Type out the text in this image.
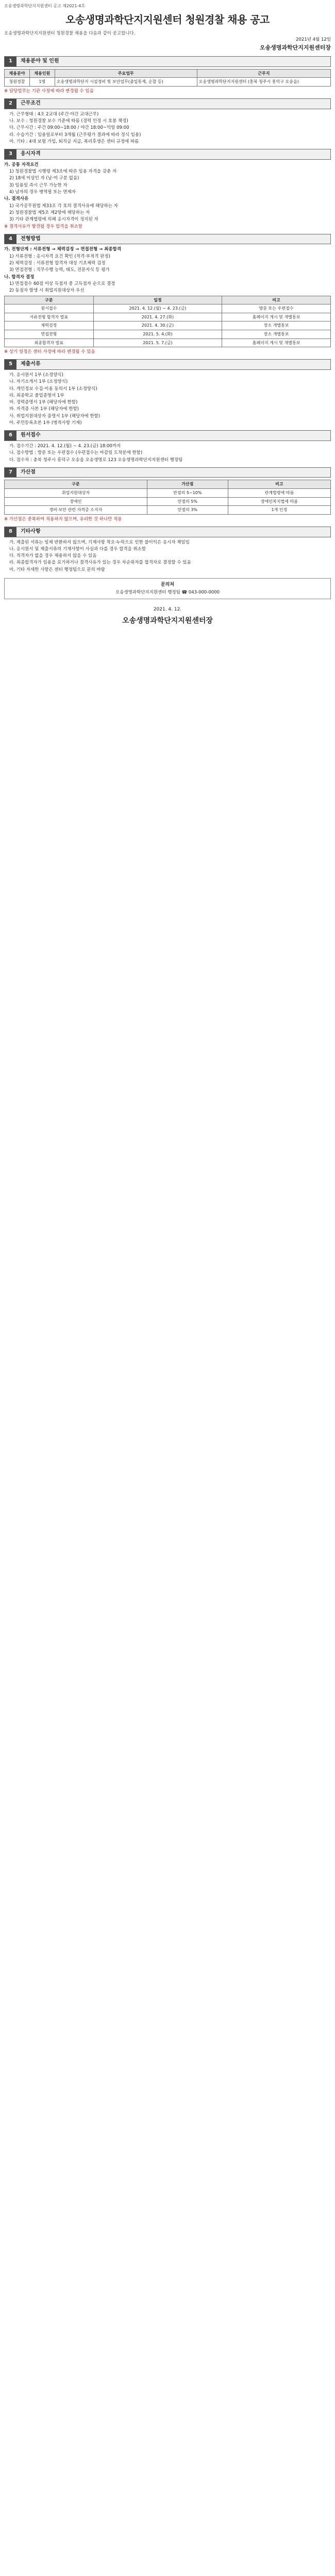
오송생명과학단지지원센터 공고 제2021-4호
오송생명과학단지지원센터 청원경찰 채용 공고
오송생명과학단지지원센터 청원경찰 채용을 다음과 같이 공고합니다.
2021년 4월 12일
오송생명과학단지지원센터장
1	채용분야 및 인원
채용분야	채용인원	주요업무	근무지
청원경찰	1명	오송생명과학단지 시설경비 및 보안업무(출입통제, 순찰 등)	오송생명과학단지지원센터 (충북 청주시 흥덕구 오송읍)
※ 담당업무는 기관 사정에 따라 변경될 수 있음
2	근무조건
가. 근무형태 : 4조 2교대 (주간·야간 교대근무)
나. 보수 : 청원경찰 보수 기준에 따름 (경력 인정 시 호봉 책정)
다. 근무시간 : 주간 09:00~18:00 / 야간 18:00~익일 09:00
라. 수습기간 : 임용일로부터 3개월 (근무평가 결과에 따라 정식 임용)
마. 기타 : 4대 보험 가입, 퇴직금 지급, 복리후생은 센터 규정에 따름
3	응시자격
가. 공통 자격요건
1) 청원경찰법 시행령 제3조에 따른 임용 자격을 갖춘 자
2) 18세 이상인 자 (남·여 구분 없음)
3) 임용일 즉시 근무 가능한 자
4) 남자의 경우 병역필 또는 면제자
나. 결격사유
1) 국가공무원법 제33조 각 호의 결격사유에 해당하는 자
2) 청원경찰법 제5조 제2항에 해당하는 자
3) 기타 관계법령에 의해 응시자격이 정지된 자
※ 결격사유가 발견될 경우 합격을 취소함
4	전형방법
가. 전형단계 : 서류전형 → 체력검정 → 면접전형 → 최종합격
1) 서류전형 : 응시자격 요건 확인 (적격·부적격 판정)
2) 체력검정 : 서류전형 합격자 대상 기초체력 검정
3) 면접전형 : 직무수행 능력, 태도, 전문지식 등 평가
나. 합격자 결정
1) 면접점수 60점 이상 득점자 중 고득점자 순으로 결정
2) 동점자 발생 시 취업지원대상자 우선
구분	일정	비고
원서접수	2021. 4. 12.(월) ~ 4. 23.(금)	방문 또는 우편접수
서류전형 합격자 발표	2021. 4. 27.(화)	홈페이지 게시 및 개별통보
체력검정	2021. 4. 30.(금)	장소 개별통보
면접전형	2021. 5. 4.(화)	장소 개별통보
최종합격자 발표	2021. 5. 7.(금)	홈페이지 게시 및 개별통보
※ 상기 일정은 센터 사정에 따라 변경될 수 있음
5	제출서류
가. 응시원서 1부 (소정양식)
나. 자기소개서 1부 (소정양식)
다. 개인정보 수집·이용 동의서 1부 (소정양식)
라. 최종학교 졸업증명서 1부
마. 경력증명서 1부 (해당자에 한함)
바. 자격증 사본 1부 (해당자에 한함)
사. 취업지원대상자 증명서 1부 (해당자에 한함)
아. 주민등록초본 1부 (병적사항 기재)
6	원서접수
가. 접수기간 : 2021. 4. 12.(월) ~ 4. 23.(금) 18:00까지
나. 접수방법 : 방문 또는 우편접수 (우편접수는 마감일 도착분에 한함)
다. 접수처 : 충북 청주시 흥덕구 오송읍 오송생명로 123 오송생명과학단지지원센터 행정팀
7	가산점
구분	가산점	비고
취업지원대상자	만점의 5~10%	관계법령에 따름
장애인	만점의 5%	장애인복지법에 따름
경비·보안 관련 자격증 소지자	만점의 3%	1개 인정
※ 가산점은 중복하여 적용하지 않으며, 유리한 것 하나만 적용
8	기타사항
가. 제출된 서류는 일체 반환하지 않으며, 기재사항 착오·누락으로 인한 불이익은 응시자 책임임
나. 응시원서 및 제출서류의 기재사항이 사실과 다를 경우 합격을 취소함
다. 적격자가 없을 경우 채용하지 않을 수 있음
라. 최종합격자가 임용을 포기하거나 결격사유가 있는 경우 차순위자를 합격자로 결정할 수 있음
마. 기타 자세한 사항은 센터 행정팀으로 문의 바람
문의처
오송생명과학단지지원센터 행정팀 ☎ 043-000-0000
2021. 4. 12.
오송생명과학단지지원센터장
